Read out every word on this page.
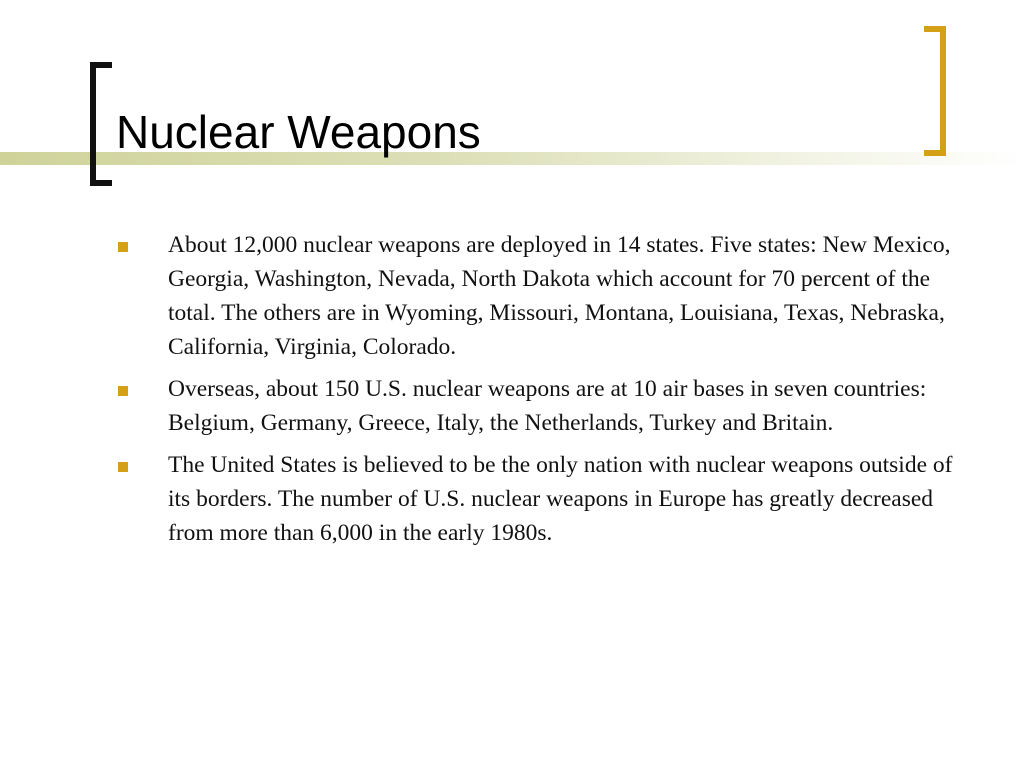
Nuclear Weapons
About 12,000 nuclear weapons are deployed in 14 states. Five states: New Mexico, Georgia, Washington, Nevada, North Dakota which account for 70 percent of the total. The others are in Wyoming, Missouri, Montana, Louisiana, Texas, Nebraska, California, Virginia, Colorado.
Overseas, about 150 U.S. nuclear weapons are at 10 air bases in seven countries: Belgium, Germany, Greece, Italy, the Netherlands, Turkey and Britain.
The United States is believed to be the only nation with nuclear weapons outside of its borders. The number of U.S. nuclear weapons in Europe has greatly decreased from more than 6,000 in the early 1980s.
